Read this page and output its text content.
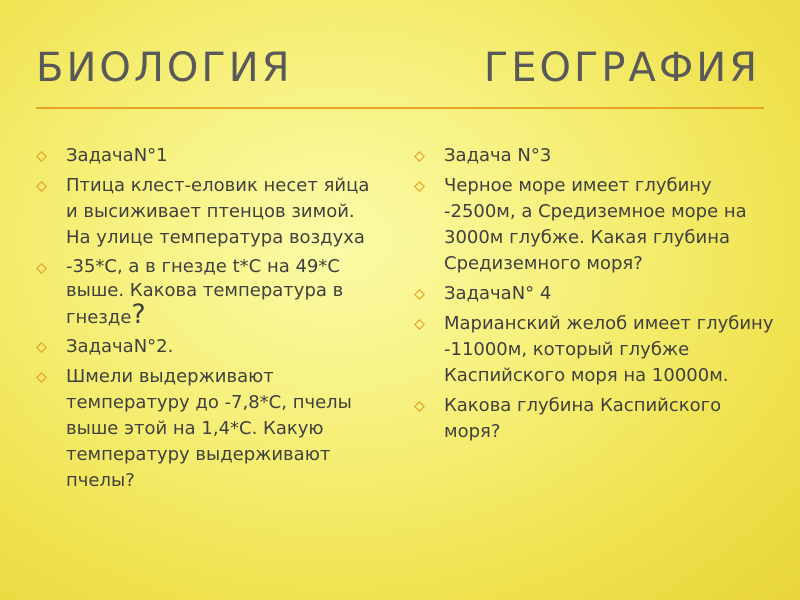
БИОЛОГИЯ	ГЕОГРАФИЯ
ЗадачаN°1
Птица клест-еловик несет яйца и высиживает птенцов зимой. На улице температура воздуха
-35*C, а в гнезде t*C на 49*C выше. Какова температура в гнезде?
ЗадачаN°2.
Шмели выдерживают температуру до -7,8*С, пчелы выше этой на 1,4*С. Какую температуру выдерживают пчелы?
Задача N°3
Черное море имеет глубину -2500м, а Средиземное море на 3000м глубже. Какая глубина Средиземного моря?
ЗадачаN° 4
Марианский желоб имеет глубину -11000м, который глубже Каспийского моря на 10000м.
Какова глубина Каспийского моря?
